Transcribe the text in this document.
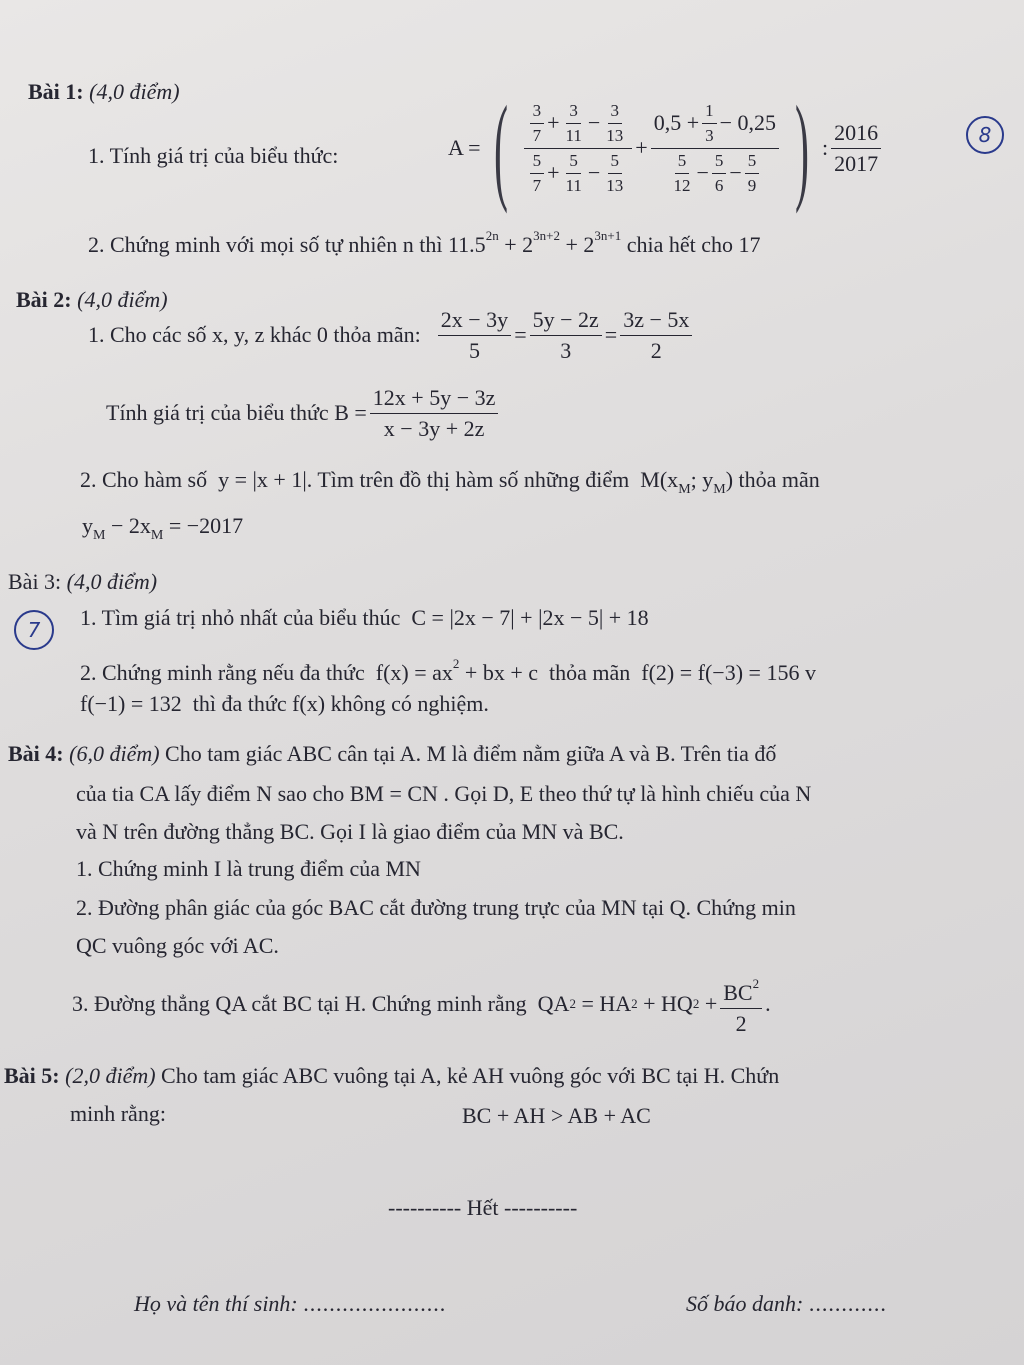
Bài 1: (4,0 điểm)
1. Tính giá trị của biểu thức:	A = ( $\frac{\frac{3}{7} + \frac{3}{11} - \frac{3}{13}}{\frac{5}{7} + \frac{5}{11} - \frac{5}{13}} + \frac{0,5 + \frac{1}{3} - 0,25}{\frac{5}{12} - \frac{5}{6} - \frac{5}{9}}$ ) : $\frac{2016}{2017}$	8
2. Chứng minh với mọi số tự nhiên n thì $11.5^{2n} + 2^{3n+2} + 2^{3n+1}$ chia hết cho 17
Bài 2: (4,0 điểm)
1. Cho các số x, y, z khác 0 thỏa mãn: $\frac{2x - 3y}{5} = \frac{5y - 2z}{3} = \frac{3z - 5x}{2}$
Tính giá trị của biểu thức
$B = \frac{12x + 5y - 3z}{x - 3y + 2z}$
2. Cho hàm số y = |x + 1|. Tìm trên đồ thị hàm số những điểm $M(x_M$; $y_M$) thỏa mãn
$y_M - 2x_M = -2017$
Bài 3: (4,0 điểm)
7	1. Tìm giá trị nhỏ nhất của biểu thúc C = |2x − 7| + |2x − 5| + 18
2. Chứng minh rằng nếu đa thức $f(x) = ax^2$ + bx + c thỏa mãn f(2) = f(−3) = 156 v
f(−1) = 132 thì đa thức f(x) không có nghiệm.
Bài 4: (6,0 điểm) Cho tam giác ABC cân tại A. M là điểm nằm giữa A và B. Trên tia đố
của tia CA lấy điểm N sao cho BM = CN . Gọi D, E theo thứ tự là hình chiếu của N
và N trên đường thẳng BC. Gọi I là giao điểm của MN và BC.
1. Chứng minh I là trung điểm của MN
2. Đường phân giác của góc BAC cắt đường trung trực của MN tại Q. Chứng min
QC vuông góc với AC.
3. Đường thẳng QA cắt BC tại H. Chứng minh rằng
QA 2
= HA 2
+ HQ 2
+ $\frac{BC^2}{2}$ .
Bài 5: (2,0 điểm) Cho tam giác ABC vuông tại A, kẻ AH vuông góc với BC tại H. Chứn
minh rằng:	BC + AH > AB + AC
---------- Hết ----------
Họ và tên thí sinh: ......................	Số báo danh: ............
